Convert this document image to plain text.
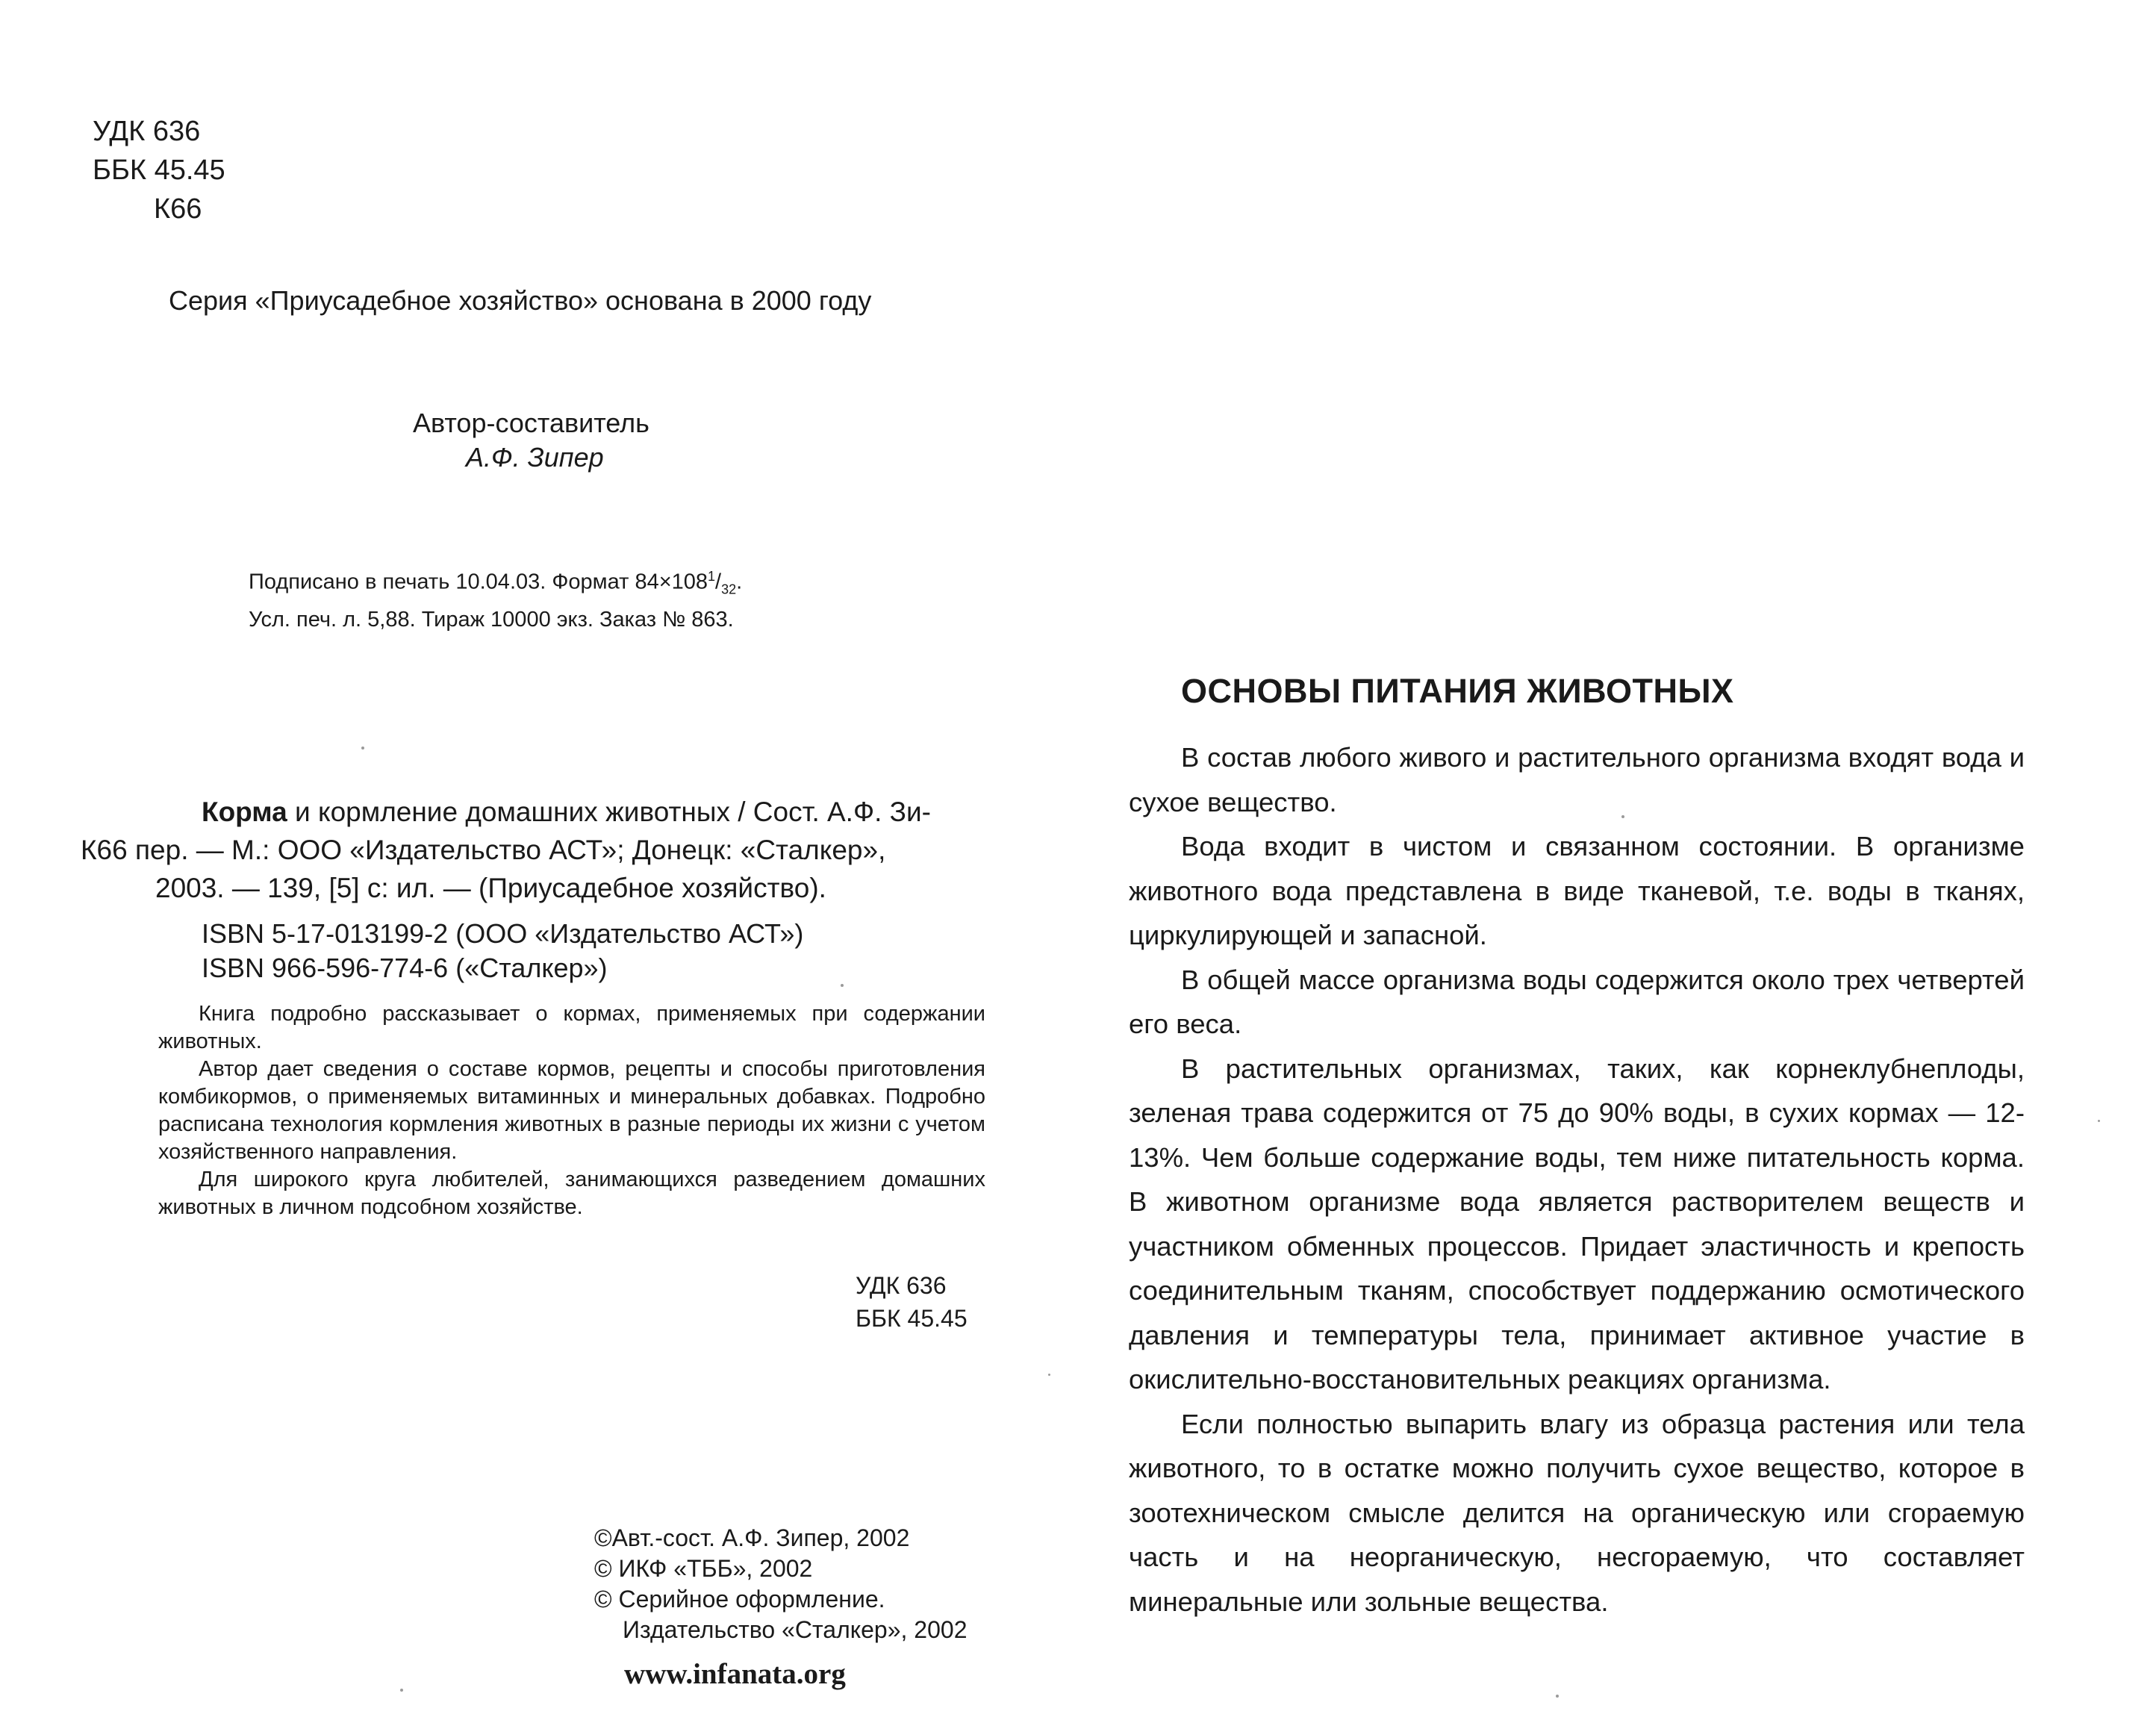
УДК 636
ББК 45.45
К66
Серия «Приусадебное хозяйство» основана в 2000 году
Автор-составитель
А.Ф. Зипер
Подписано в печать 10.04.03. Формат $84\times 108^1/_{32}$.
Усл. печ. л. 5,88. Тираж 10000 экз. Заказ № 863.
Корма и кормление домашних животных / Сост. А.Ф. Зи-
К66 пер. — М.: ООО «Издательство АСТ»; Донецк: «Сталкер»,
2003. — 139, [5] с: ил. — (Приусадебное хозяйство).
ISBN 5-17-013199-2 (ООО «Издательство АСТ»)
ISBN 966-596-774-6 («Сталкер»)

Книга подробно рассказывает о кормах, применяемых при содержании животных.

Автор дает сведения о составе кормов, рецепты и способы приготовления комбикормов, о применяемых витаминных и минеральных добавках. Подробно расписана технология кормления животных в разные периоды их жизни с учетом хозяйственного направления.

Для широкого круга любителей, занимающихся разведением домашних животных в личном подсобном хозяйстве.

УДК 636
ББК 45.45
©Авт.-сост. А.Ф. Зипер, 2002
© ИКФ «ТББ», 2002
© Серийное оформление.
Издательство «Сталкер», 2002
www.infanata.org
ОСНОВЫ ПИТАНИЯ ЖИВОТНЫХ

В состав любого живого и растительного организма входят вода и сухое вещество.

Вода входит в чистом и связанном состоянии. В организме животного вода представлена в виде тканевой, т.е. воды в тканях, циркулирующей и запасной.

В общей массе организма воды содержится около трех четвертей его веса.

В растительных организмах, таких, как корнеклубнеплоды, зеленая трава содержится от 75 до 90% воды, в сухих кормах — 12-13%. Чем больше содержание воды, тем ниже питательность корма. В животном организме вода является растворителем веществ и участником обменных процессов. Придает эластичность и крепость соединительным тканям, способствует поддержанию осмотического давления и температуры тела, принимает активное участие в окислительно-восстановительных реакциях организма.

Если полностью выпарить влагу из образца растения или тела животного, то в остатке можно получить сухое вещество, которое в зоотехническом смысле делится на органическую или сгораемую часть и на неорганическую, несгораемую, что составляет минеральные или зольные вещества.
